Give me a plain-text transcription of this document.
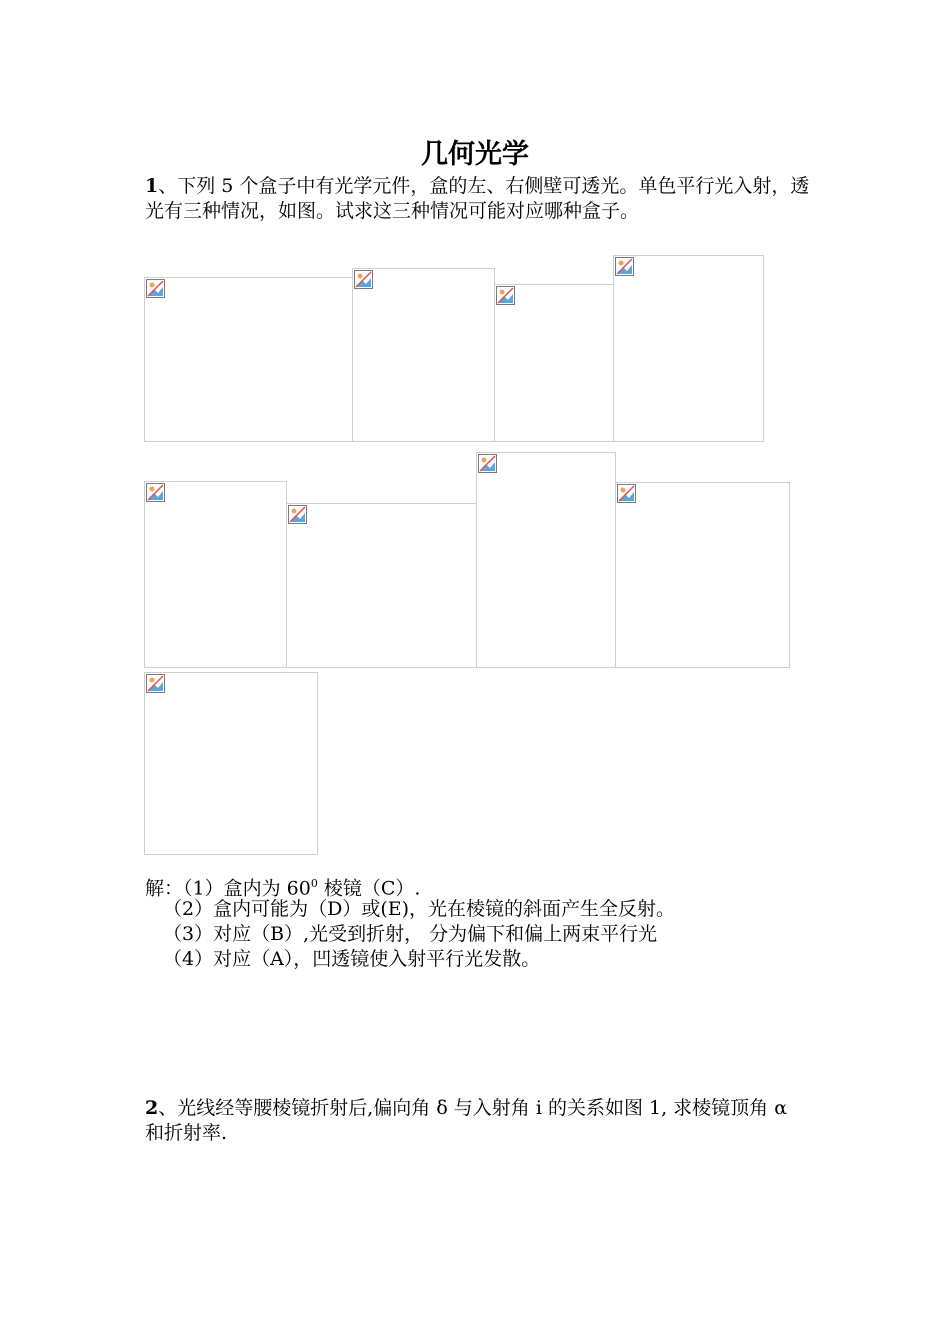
几何光学

1、下列 5 个盒子中有光学元件，盒的左、右侧壁可透光。单色平行光入射，透光有三种情况，如图。试求这三种情况可能对应哪种盒子。

解：（1）盒内为 $60^0$ 棱镜（C）.
（2）盒内可能为（D）或(E)，光在棱镜的斜面产生全反射。
（3）对应（B）,光受到折射， 分为偏下和偏上两束平行光
（4）对应（A），凹透镜使入射平行光发散。

2、光线经等腰棱镜折射后,偏向角 δ 与入射角 i 的关系如图 1, 求棱镜顶角 α 和折射率.
